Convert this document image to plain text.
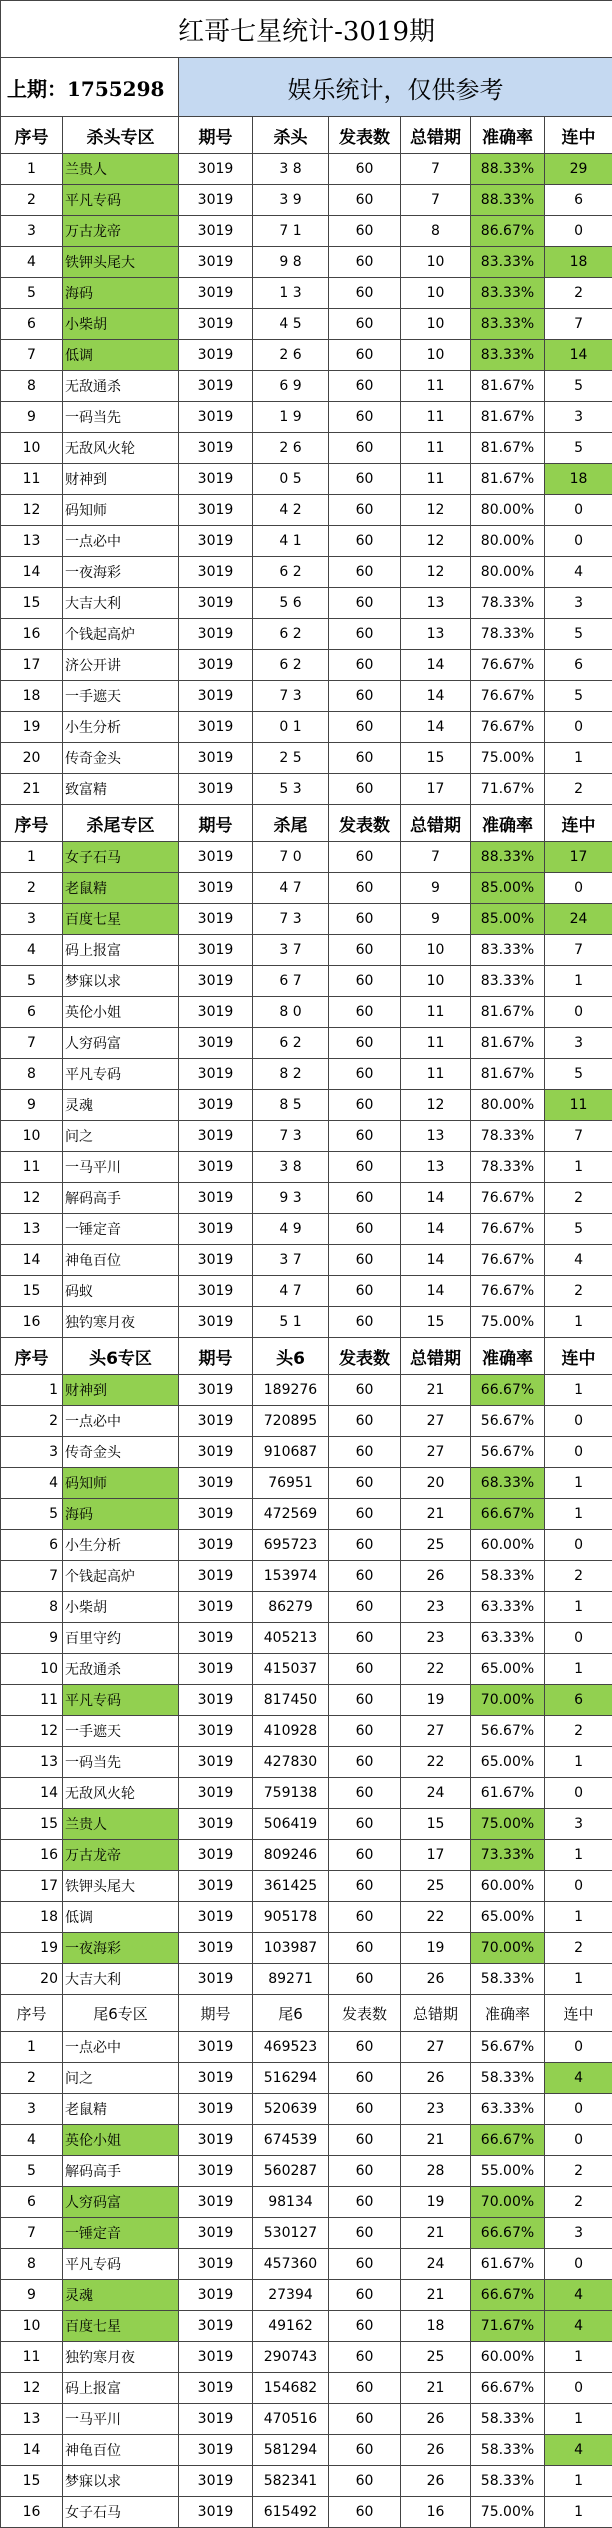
红哥七星统计-3019期							
上期：1755298		娱乐统计，仅供参考					
序号	杀头专区	期号	杀头	发表数	总错期	准确率	连中
1	兰贵人	3019	3 8	60	7	88.33%	29
2	平凡专码	3019	3 9	60	7	88.33%	6
3	万古龙帝	3019	7 1	60	8	86.67%	0
4	铁钾头尾大	3019	9 8	60	10	83.33%	18
5	海码	3019	1 3	60	10	83.33%	2
6	小柴胡	3019	4 5	60	10	83.33%	7
7	低调	3019	2 6	60	10	83.33%	14
8	无敌通杀	3019	6 9	60	11	81.67%	5
9	一码当先	3019	1 9	60	11	81.67%	3
10	无敌风火轮	3019	2 6	60	11	81.67%	5
11	财神到	3019	0 5	60	11	81.67%	18
12	码知师	3019	4 2	60	12	80.00%	0
13	一点必中	3019	4 1	60	12	80.00%	0
14	一夜海彩	3019	6 2	60	12	80.00%	4
15	大吉大利	3019	5 6	60	13	78.33%	3
16	个钱起高炉	3019	6 2	60	13	78.33%	5
17	济公开讲	3019	6 2	60	14	76.67%	6
18	一手遮天	3019	7 3	60	14	76.67%	5
19	小生分析	3019	0 1	60	14	76.67%	0
20	传奇金头	3019	2 5	60	15	75.00%	1
21	致富精	3019	5 3	60	17	71.67%	2
序号	杀尾专区	期号	杀尾	发表数	总错期	准确率	连中
1	女子石马	3019	7 0	60	7	88.33%	17
2	老鼠精	3019	4 7	60	9	85.00%	0
3	百度七星	3019	7 3	60	9	85.00%	24
4	码上报富	3019	3 7	60	10	83.33%	7
5	梦寐以求	3019	6 7	60	10	83.33%	1
6	英伦小姐	3019	8 0	60	11	81.67%	0
7	人穷码富	3019	6 2	60	11	81.67%	3
8	平凡专码	3019	8 2	60	11	81.67%	5
9	灵魂	3019	8 5	60	12	80.00%	11
10	问之	3019	7 3	60	13	78.33%	7
11	一马平川	3019	3 8	60	13	78.33%	1
12	解码高手	3019	9 3	60	14	76.67%	2
13	一锤定音	3019	4 9	60	14	76.67%	5
14	神龟百位	3019	3 7	60	14	76.67%	4
15	码蚁	3019	4 7	60	14	76.67%	2
16	独钓寒月夜	3019	5 1	60	15	75.00%	1
序号	头6专区	期号	头6	发表数	总错期	准确率	连中
1	财神到	3019	189276	60	21	66.67%	1
2	一点必中	3019	720895	60	27	56.67%	0
3	传奇金头	3019	910687	60	27	56.67%	0
4	码知师	3019	76951	60	20	68.33%	1
5	海码	3019	472569	60	21	66.67%	1
6	小生分析	3019	695723	60	25	60.00%	0
7	个钱起高炉	3019	153974	60	26	58.33%	2
8	小柴胡	3019	86279	60	23	63.33%	1
9	百里守约	3019	405213	60	23	63.33%	0
10	无敌通杀	3019	415037	60	22	65.00%	1
11	平凡专码	3019	817450	60	19	70.00%	6
12	一手遮天	3019	410928	60	27	56.67%	2
13	一码当先	3019	427830	60	22	65.00%	1
14	无敌风火轮	3019	759138	60	24	61.67%	0
15	兰贵人	3019	506419	60	15	75.00%	3
16	万古龙帝	3019	809246	60	17	73.33%	1
17	铁钾头尾大	3019	361425	60	25	60.00%	0
18	低调	3019	905178	60	22	65.00%	1
19	一夜海彩	3019	103987	60	19	70.00%	2
20	大吉大利	3019	89271	60	26	58.33%	1
序号	尾6专区	期号	尾6	发表数	总错期	准确率	连中
1	一点必中	3019	469523	60	27	56.67%	0
2	问之	3019	516294	60	26	58.33%	4
3	老鼠精	3019	520639	60	23	63.33%	0
4	英伦小姐	3019	674539	60	21	66.67%	0
5	解码高手	3019	560287	60	28	55.00%	2
6	人穷码富	3019	98134	60	19	70.00%	2
7	一锤定音	3019	530127	60	21	66.67%	3
8	平凡专码	3019	457360	60	24	61.67%	0
9	灵魂	3019	27394	60	21	66.67%	4
10	百度七星	3019	49162	60	18	71.67%	4
11	独钓寒月夜	3019	290743	60	25	60.00%	1
12	码上报富	3019	154682	60	21	66.67%	0
13	一马平川	3019	470516	60	26	58.33%	1
14	神龟百位	3019	581294	60	26	58.33%	4
15	梦寐以求	3019	582341	60	26	58.33%	1
16	女子石马	3019	615492	60	16	75.00%	1
